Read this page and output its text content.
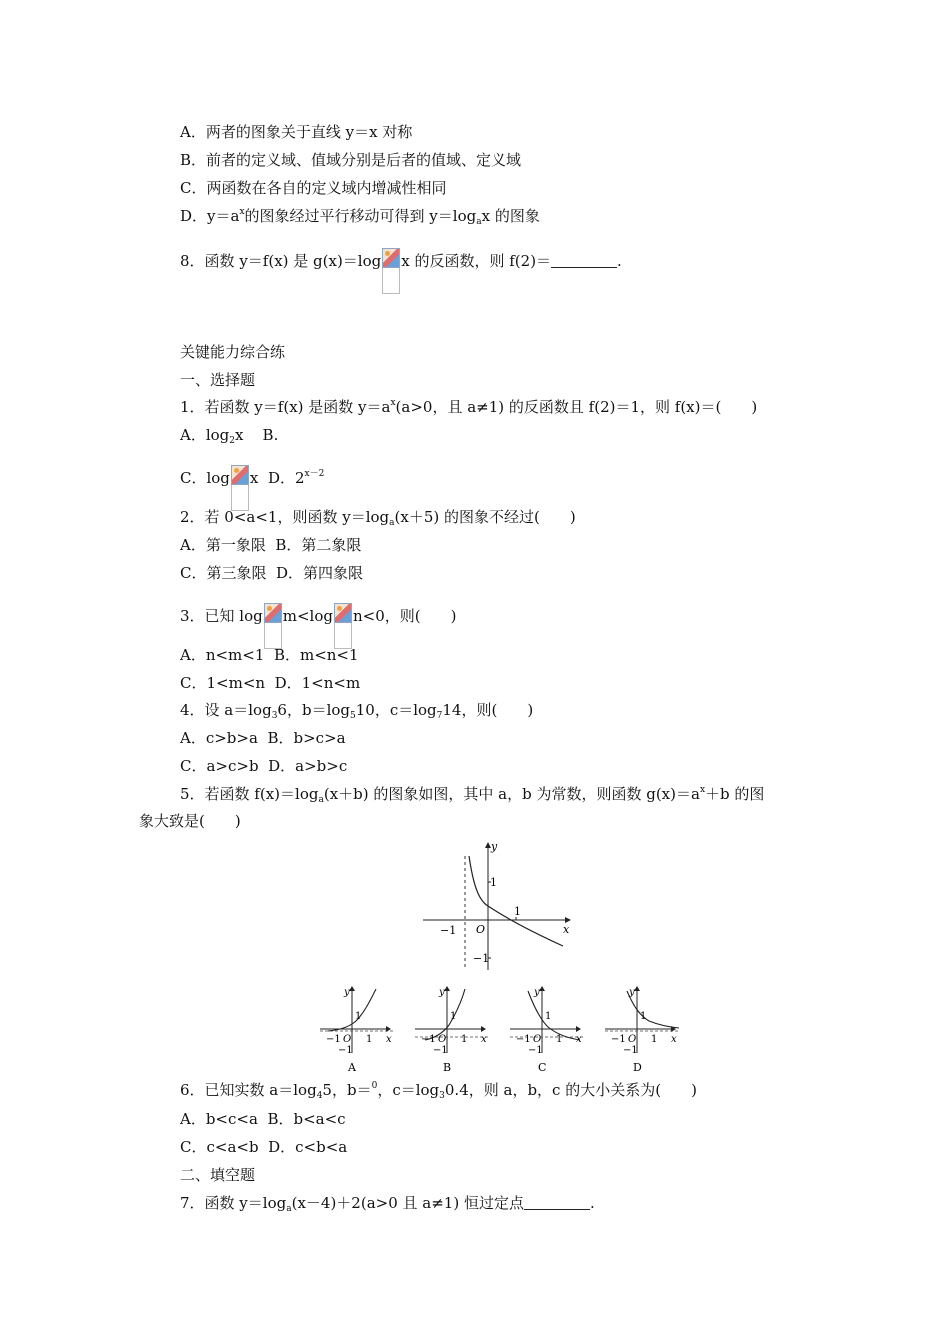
A．两者的图象关于直线 y＝x 对称
B．前者的定义域、值域分别是后者的值域、定义域
C．两函数在各自的定义域内增减性相同
D．$y=a^x$的图象经过平行移动可得到 $y=\log_ax$ 的图象
8．函数 y＝f(x) 是 g(x)＝log x 的反函数，则 f(2)＝	.
关键能力综合练
一、选择题
1．若函数 y＝f(x) 是函数 $y=a^x(a>0$，且 a≠1) 的反函数且 f(2)＝1，则 f(x)＝( )
A．$\log_2x$ B.
C．log x D．$2^{x-2}$
2．若 0<a<1，则函数 $y=\log_a(x+5)$ 的图象不经过( )
A．第一象限 B．第二象限
C．第三象限 D．第四象限
3．已知 log m<log n<0，则( )
A．n<m<1 B．m<n<1
C．1<m<n D．1<n<m
4．设 $a=\log_36$，$b=\log_510$，$c=\log_714$，则( )
A．c>b>a B．b>c>a
C．a>c>b D．a>b>c
5．若函数 $f(x)=\log_a(x+b)$ 的图象如图，其中 a，b 为常数，则函数 $g(x)=a^x+b$ 的图
象大致是( )
y
x
O
−1
1
1
−1
y
x
O
−1	1
1
−1
A
y
x
O
−1	1
1
−1
B
y
x
O
−1	1
1
−1
C
y
x
O
−1	1
1
−1
D
6．已知实数 $a=\log_45$，b＝$^0$，$c=\log_30.4$，则 a，b，c 的大小关系为( )
A．b<c<a B．b<a<c
C．c<a<b D．c<b<a
二、填空题
7．函数 $y=\log_a(x-4)+2(a>0$ 且 a≠1) 恒过定点	.
